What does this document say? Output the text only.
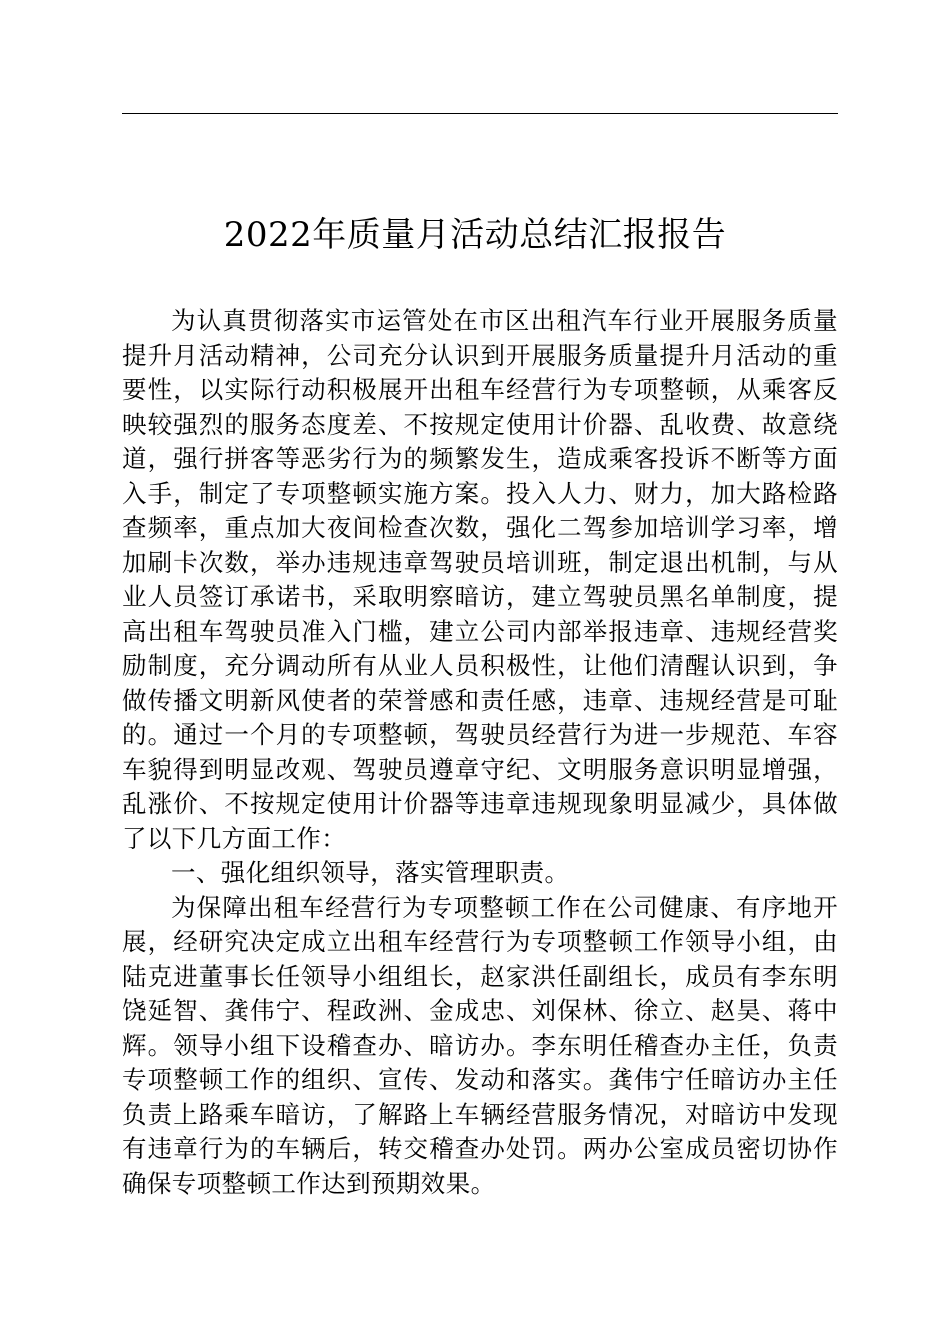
2022年质量月活动总结汇报报告

为认真贯彻落实市运管处在市区出租汽车行业开展服务质量提升月活动精神，公司充分认识到开展服务质量提升月活动的重要性，以实际行动积极展开出租车经营行为专项整顿，从乘客反映较强烈的服务态度差、不按规定使用计价器、乱收费、故意绕道，强行拼客等恶劣行为的频繁发生，造成乘客投诉不断等方面入手，制定了专项整顿实施方案。投入人力、财力，加大路检路查频率，重点加大夜间检查次数，强化二驾参加培训学习率，增加刷卡次数，举办违规违章驾驶员培训班，制定退出机制，与从业人员签订承诺书，采取明察暗访，建立驾驶员黑名单制度，提高出租车驾驶员准入门槛，建立公司内部举报违章、违规经营奖励制度，充分调动所有从业人员积极性，让他们清醒认识到，争做传播文明新风使者的荣誉感和责任感，违章、违规经营是可耻的。通过一个月的专项整顿，驾驶员经营行为进一步规范、车容车貌得到明显改观、驾驶员遵章守纪、文明服务意识明显增强，乱涨价、不按规定使用计价器等违章违规现象明显减少，具体做了以下几方面工作：

一、强化组织领导，落实管理职责。

为保障出租车经营行为专项整顿工作在公司健康、有序地开展，经研究决定成立出租车经营行为专项整顿工作领导小组，由陆克进董事长任领导小组组长，赵家洪任副组长，成员有李东明饶延智、龚伟宁、程政洲、金成忠、刘保林、徐立、赵昊、蒋中辉。领导小组下设稽查办、暗访办。李东明任稽查办主任，负责专项整顿工作的组织、宣传、发动和落实。龚伟宁任暗访办主任负责上路乘车暗访，了解路上车辆经营服务情况，对暗访中发现有违章行为的车辆后，转交稽查办处罚。两办公室成员密切协作确保专项整顿工作达到预期效果。
